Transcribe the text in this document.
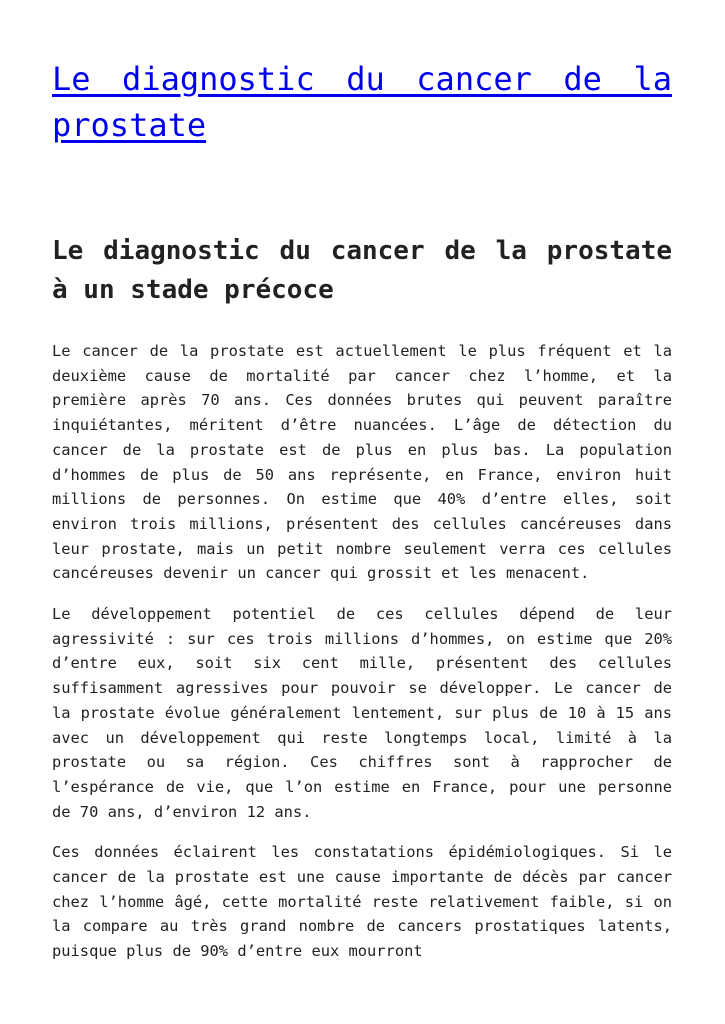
Le diagnostic du cancer de la prostate
Le diagnostic du cancer de la prostate à un stade précoce

Le cancer de la prostate est actuellement le plus fréquent et la deuxième cause de mortalité par cancer chez l’homme, et la première après 70 ans. Ces données brutes qui peuvent paraître inquiétantes, méritent d’être nuancées. L’âge de détection du cancer de la prostate est de plus en plus bas. La population d’hommes de plus de 50 ans représente, en France, environ huit millions de personnes. On estime que 40% d’entre elles, soit environ trois millions, présentent des cellules cancéreuses dans leur prostate, mais un petit nombre seulement verra ces cellules cancéreuses devenir un cancer qui grossit et les menacent.

Le développement potentiel de ces cellules dépend de leur agressivité : sur ces trois millions d’hommes, on estime que 20% d’entre eux, soit six cent mille, présentent des cellules suffisamment agressives pour pouvoir se développer. Le cancer de la prostate évolue généralement lentement, sur plus de 10 à 15 ans avec un développement qui reste longtemps local, limité à la prostate ou sa région. Ces chiffres sont à rapprocher de l’espérance de vie, que l’on estime en France, pour une personne de 70 ans, d’environ 12 ans.

Ces données éclairent les constatations épidémiologiques. Si le cancer de la prostate est une cause importante de décès par cancer chez l’homme âgé, cette mortalité reste relativement faible, si on la compare au très grand nombre de cancers prostatiques latents, puisque plus de 90% d’entre eux mourront
